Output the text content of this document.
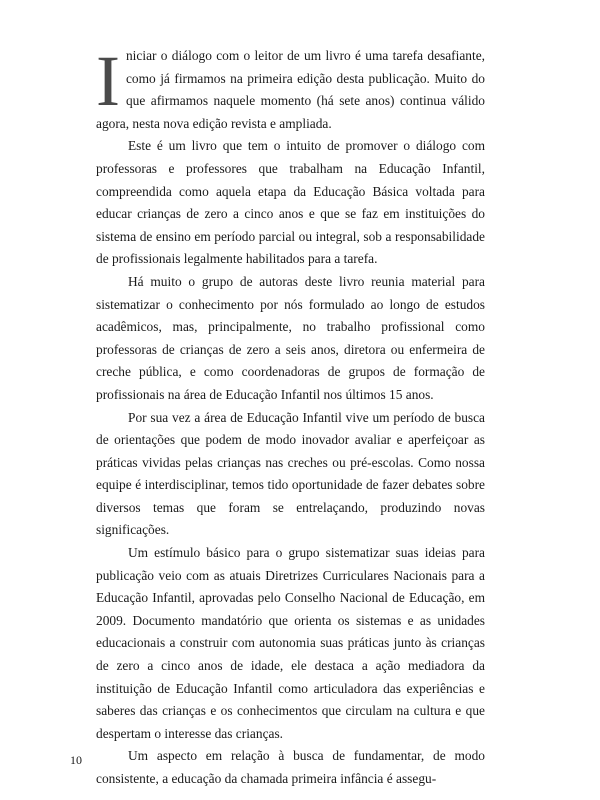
Iniciar o diálogo com o leitor de um livro é uma tarefa desafiante, como já firmamos na primeira edição desta publicação. Muito do que afirmamos naquele momento (há sete anos) continua válido agora, nesta nova edição revista e ampliada.

Este é um livro que tem o intuito de promover o diálogo com professoras e professores que trabalham na Educação Infantil, compreendida como aquela etapa da Educação Básica voltada para educar crianças de zero a cinco anos e que se faz em instituições do sistema de ensino em período parcial ou integral, sob a responsabilidade de profissionais legalmente habilitados para a tarefa.

Há muito o grupo de autoras deste livro reunia material para sistematizar o conhecimento por nós formulado ao longo de estudos acadêmicos, mas, principalmente, no trabalho profissional como professoras de crianças de zero a seis anos, diretora ou enfermeira de creche pública, e como coordenadoras de grupos de formação de profissionais na área de Educação Infantil nos últimos 15 anos.

Por sua vez a área de Educação Infantil vive um período de busca de orientações que podem de modo inovador avaliar e aperfeiçoar as práticas vividas pelas crianças nas creches ou pré-escolas. Como nossa equipe é interdisciplinar, temos tido oportunidade de fazer debates sobre diversos temas que foram se entrelaçando, produzindo novas significações.

Um estímulo básico para o grupo sistematizar suas ideias para publicação veio com as atuais Diretrizes Curriculares Nacionais para a Educação Infantil, aprovadas pelo Conselho Nacional de Educação, em 2009. Documento mandatório que orienta os sistemas e as unidades educacionais a construir com autonomia suas práticas junto às crianças de zero a cinco anos de idade, ele destaca a ação mediadora da instituição de Educação Infantil como articuladora das experiências e saberes das crianças e os conhecimentos que circulam na cultura e que despertam o interesse das crianças.

Um aspecto em relação à busca de fundamentar, de modo consistente, a educação da chamada primeira infância é assegu-

10
